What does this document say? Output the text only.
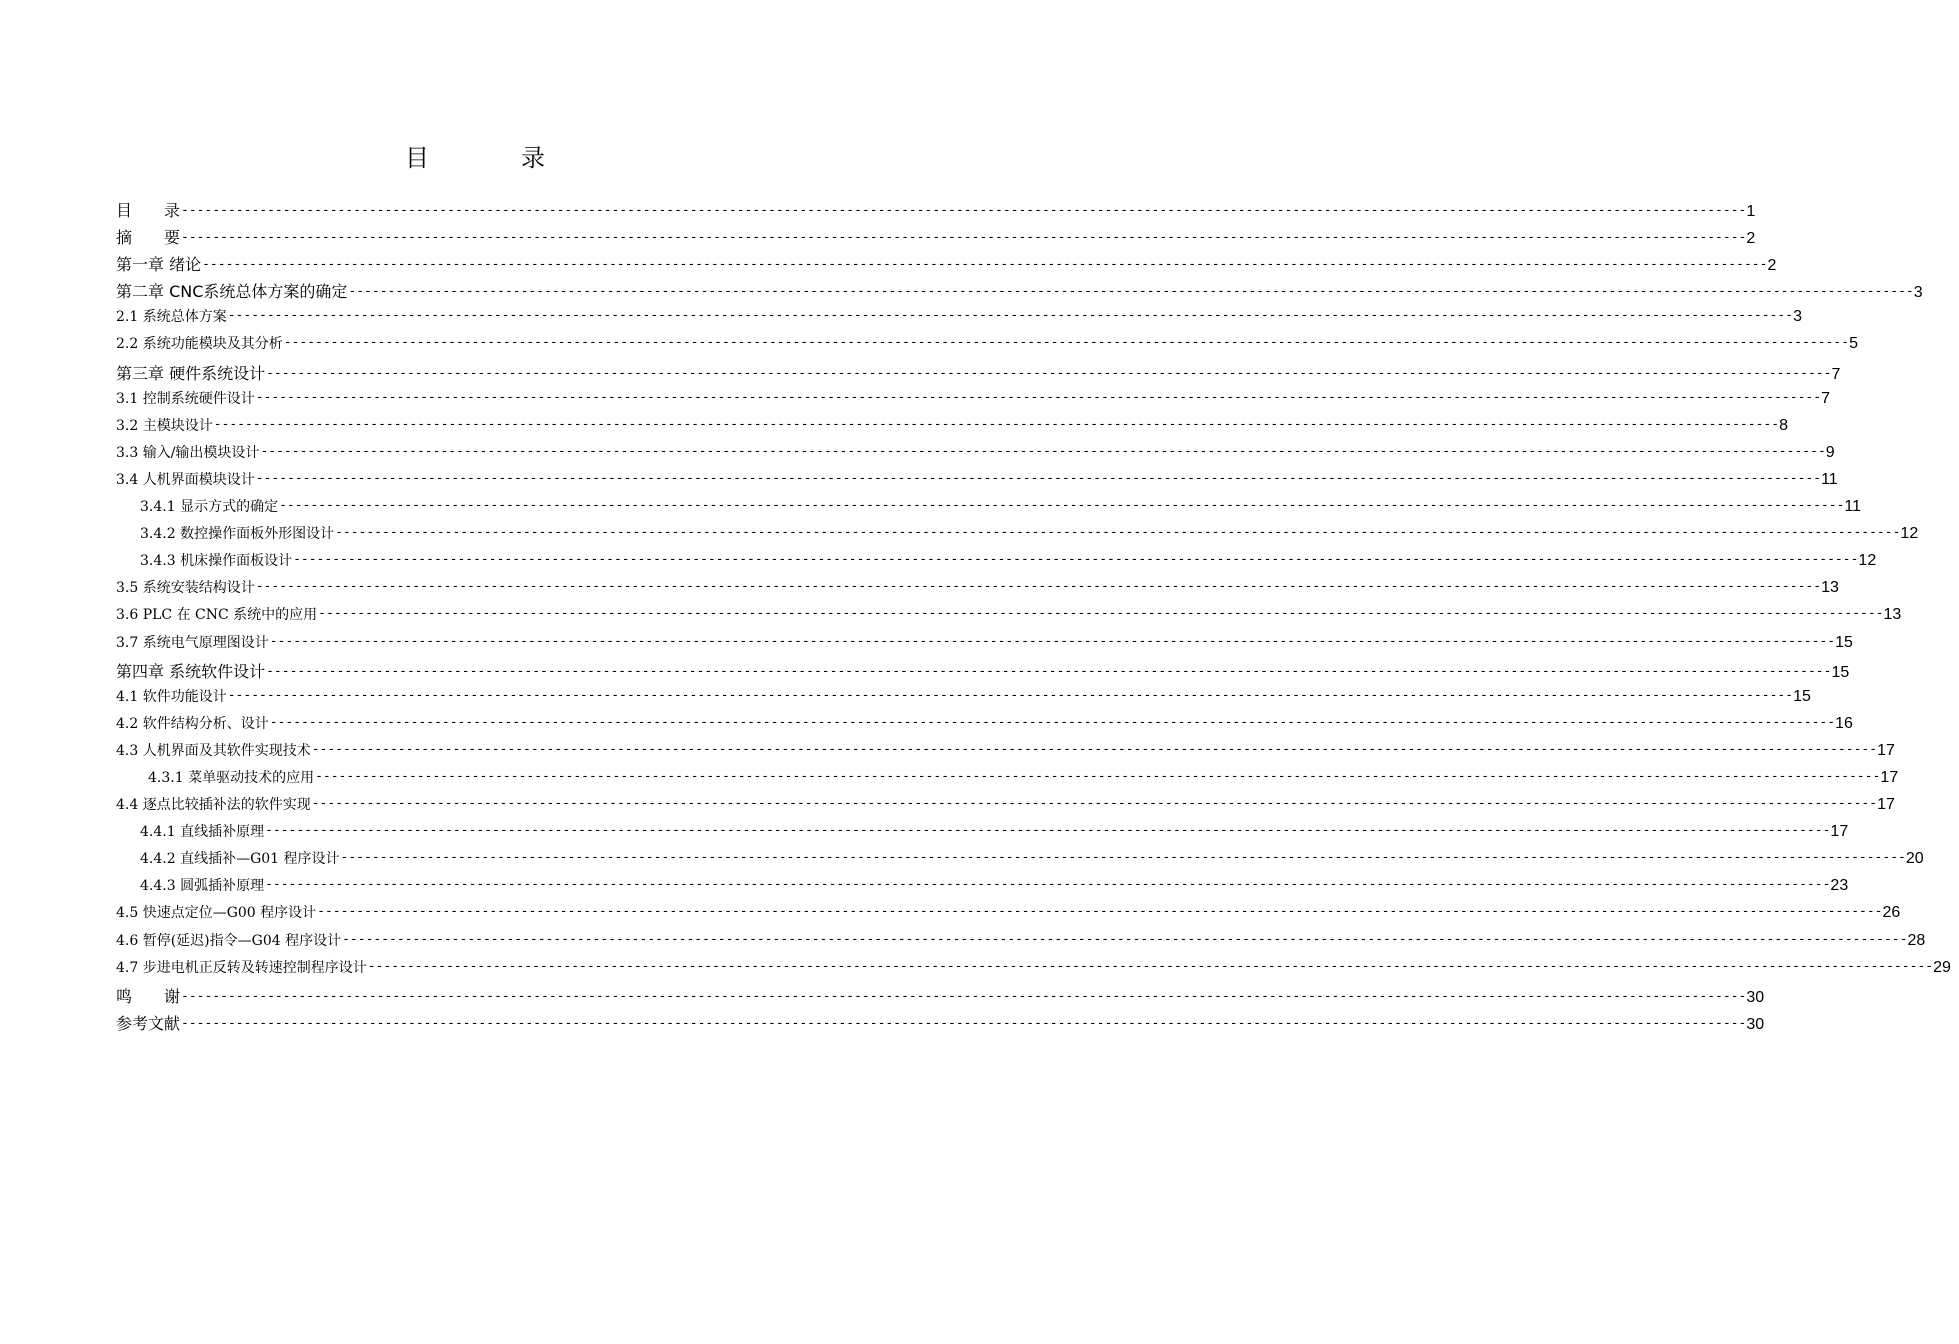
目　录
目　　录 -------------------------------------------------------------------------------------------------------------------------------------------------------------------------------------------------------- 1
摘　　要 -------------------------------------------------------------------------------------------------------------------------------------------------------------------------------------------------------- 2
第一章 绪论 -------------------------------------------------------------------------------------------------------------------------------------------------------------------------------------------------------- 2
第二章 CNC系统总体方案的确定 -------------------------------------------------------------------------------------------------------------------------------------------------------------------------------------------------------- 3
2.1 系统总体方案 -------------------------------------------------------------------------------------------------------------------------------------------------------------------------------------------------------- 3
2.2 系统功能模块及其分析 -------------------------------------------------------------------------------------------------------------------------------------------------------------------------------------------------------- 5
第三章 硬件系统设计 -------------------------------------------------------------------------------------------------------------------------------------------------------------------------------------------------------- 7
3.1 控制系统硬件设计 -------------------------------------------------------------------------------------------------------------------------------------------------------------------------------------------------------- 7
3.2 主模块设计 -------------------------------------------------------------------------------------------------------------------------------------------------------------------------------------------------------- 8
3.3 输入/输出模块设计 -------------------------------------------------------------------------------------------------------------------------------------------------------------------------------------------------------- 9
3.4 人机界面模块设计 -------------------------------------------------------------------------------------------------------------------------------------------------------------------------------------------------------- 11
3.4.1 显示方式的确定 -------------------------------------------------------------------------------------------------------------------------------------------------------------------------------------------------------- 11
3.4.2 数控操作面板外形图设计 -------------------------------------------------------------------------------------------------------------------------------------------------------------------------------------------------------- 12
3.4.3 机床操作面板设计 -------------------------------------------------------------------------------------------------------------------------------------------------------------------------------------------------------- 12
3.5 系统安装结构设计 -------------------------------------------------------------------------------------------------------------------------------------------------------------------------------------------------------- 13
3.6 PLC 在 CNC 系统中的应用 -------------------------------------------------------------------------------------------------------------------------------------------------------------------------------------------------------- 13
3.7 系统电气原理图设计 -------------------------------------------------------------------------------------------------------------------------------------------------------------------------------------------------------- 15
第四章 系统软件设计 -------------------------------------------------------------------------------------------------------------------------------------------------------------------------------------------------------- 15
4.1 软件功能设计 -------------------------------------------------------------------------------------------------------------------------------------------------------------------------------------------------------- 15
4.2 软件结构分析、设计 -------------------------------------------------------------------------------------------------------------------------------------------------------------------------------------------------------- 16
4.3 人机界面及其软件实现技术 -------------------------------------------------------------------------------------------------------------------------------------------------------------------------------------------------------- 17
4.3.1 菜单驱动技术的应用 -------------------------------------------------------------------------------------------------------------------------------------------------------------------------------------------------------- 17
4.4 逐点比较插补法的软件实现 -------------------------------------------------------------------------------------------------------------------------------------------------------------------------------------------------------- 17
4.4.1 直线插补原理 -------------------------------------------------------------------------------------------------------------------------------------------------------------------------------------------------------- 17
4.4.2 直线插补—G01 程序设计 -------------------------------------------------------------------------------------------------------------------------------------------------------------------------------------------------------- 20
4.4.3 圆弧插补原理 -------------------------------------------------------------------------------------------------------------------------------------------------------------------------------------------------------- 23
4.5 快速点定位—G00 程序设计 -------------------------------------------------------------------------------------------------------------------------------------------------------------------------------------------------------- 26
4.6 暂停(延迟)指令—G04 程序设计 -------------------------------------------------------------------------------------------------------------------------------------------------------------------------------------------------------- 28
4.7 步进电机正反转及转速控制程序设计 -------------------------------------------------------------------------------------------------------------------------------------------------------------------------------------------------------- 29
鸣　　谢 -------------------------------------------------------------------------------------------------------------------------------------------------------------------------------------------------------- 30
参考文献 -------------------------------------------------------------------------------------------------------------------------------------------------------------------------------------------------------- 30
